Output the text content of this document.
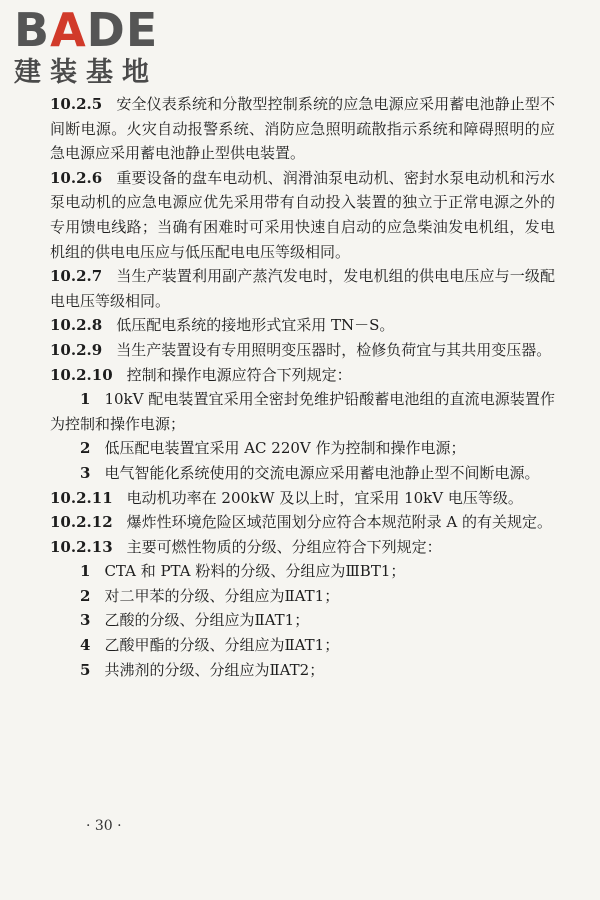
BADE
建装基地

10.2.5 安全仪表系统和分散型控制系统的应急电源应采用蓄电池静止型不间断电源。火灾自动报警系统、消防应急照明疏散指示系统和障碍照明的应急电源应采用蓄电池静止型供电装置。

10.2.6 重要设备的盘车电动机、润滑油泵电动机、密封水泵电动机和污水泵电动机的应急电源应优先采用带有自动投入装置的独立于正常电源之外的专用馈电线路；当确有困难时可采用快速自启动的应急柴油发电机组，发电机组的供电电压应与低压配电电压等级相同。

10.2.7 当生产装置利用副产蒸汽发电时，发电机组的供电电压应与一级配电电压等级相同。

10.2.8 低压配电系统的接地形式宜采用 TN－S。

10.2.9 当生产装置设有专用照明变压器时，检修负荷宜与其共用变压器。

10.2.10 控制和操作电源应符合下列规定：

1 10kV 配电装置宜采用全密封免维护铅酸蓄电池组的直流电源装置作为控制和操作电源；

2 低压配电装置宜采用 AC 220V 作为控制和操作电源；

3 电气智能化系统使用的交流电源应采用蓄电池静止型不间断电源。

10.2.11 电动机功率在 200kW 及以上时，宜采用 10kV 电压等级。

10.2.12 爆炸性环境危险区域范围划分应符合本规范附录 A 的有关规定。

10.2.13 主要可燃性物质的分级、分组应符合下列规定：

1 CTA 和 PTA 粉料的分级、分组应为ⅢBT1；

2 对二甲苯的分级、分组应为ⅡAT1；

3 乙酸的分级、分组应为ⅡAT1；

4 乙酸甲酯的分级、分组应为ⅡAT1；

5 共沸剂的分级、分组应为ⅡAT2；

· 30 ·
